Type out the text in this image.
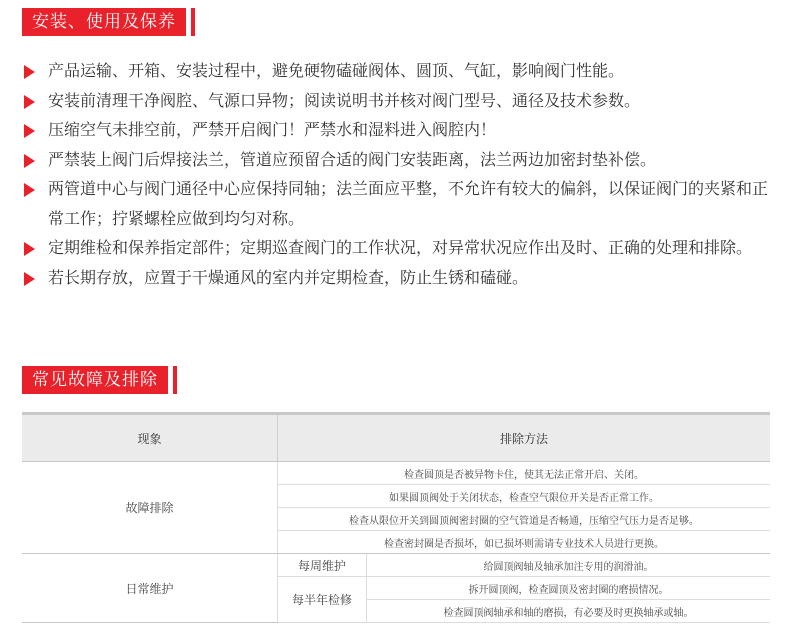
安装、使用及保养
产品运输、开箱、安装过程中，避免硬物磕碰阀体、圆顶、气缸，影响阀门性能。
安装前清理干净阀腔、气源口异物；阅读说明书并核对阀门型号、通径及技术参数。
压缩空气未排空前，严禁开启阀门！严禁水和湿料进入阀腔内！
严禁装上阀门后焊接法兰，管道应预留合适的阀门安装距离，法兰两边加密封垫补偿。
两管道中心与阀门通径中心应保持同轴；法兰面应平整，不允许有较大的偏斜，以保证阀门的夹紧和正常工作；拧紧螺栓应做到均匀对称。
定期维检和保养指定部件；定期巡查阀门的工作状况，对异常状况应作出及时、正确的处理和排除。
若长期存放，应置于干燥通风的室内并定期检查，防止生锈和磕碰。
常见故障及排除
现象	排除方法	
故障排除	检查圆顶是否被异物卡住，使其无法正常开启、关闭。	
	如果圆顶阀处于关闭状态，检查空气限位开关是否正常工作。	
	检查从限位开关到圆顶阀密封圈的空气管道是否畅通，压缩空气压力是否足够。	
	检查密封圈是否损坏，如已损坏则需请专业技术人员进行更换。	
日常维护	每周维护	给圆顶阀轴及轴承加注专用的润滑油。
	每半年检修	拆开圆顶阀，检查圆顶及密封圈的磨损情况。
		检查圆顶阀轴承和轴的磨损，有必要及时更换轴承或轴。
